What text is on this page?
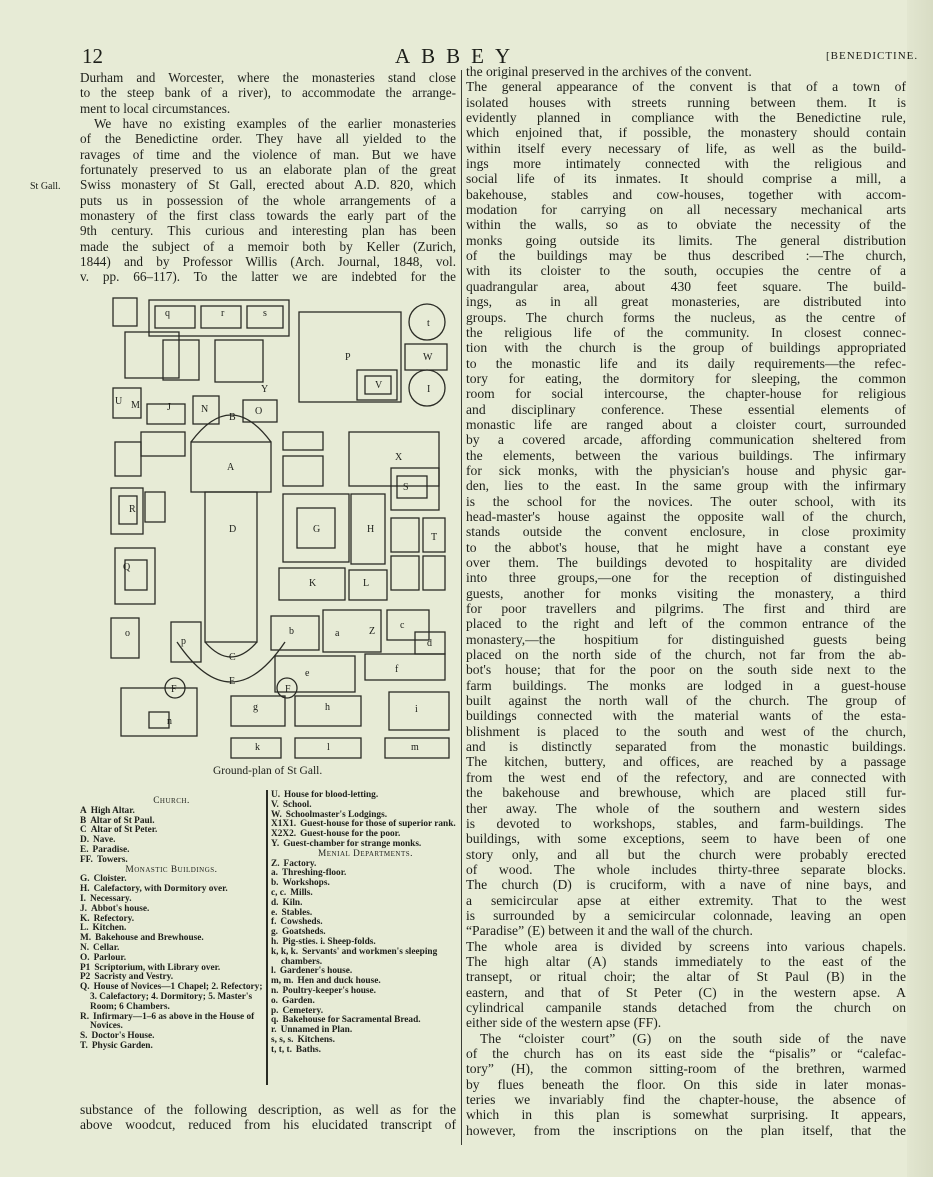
12	ABBEY	[BENEDICTINE.
St Gall.
Durham and Worcester, where the monasteries stand close
to the steep bank of a river), to accommodate the arrange-
ment to local circumstances.
We have no existing examples of the earlier monasteries
of the Benedictine order. They have all yielded to the
ravages of time and the violence of man. But we have
fortunately preserved to us an elaborate plan of the great
Swiss monastery of St Gall, erected about A.D. 820, which
puts us in possession of the whole arrangements of a
monastery of the first class towards the early part of the
9th century. This curious and interesting plan has been
made the subject of a memoir both by Keller (Zurich,
1844) and by Professor Willis (Arch. Journal, 1848, vol.
v. pp. 66–117). To the latter we are indebted for the
substance of the following description, as well as for the
above woodcut, reduced from his elucidated transcript of
the original preserved in the archives of the convent.
The general appearance of the convent is that of a town of
isolated houses with streets running between them. It is
evidently planned in compliance with the Benedictine rule,
which enjoined that, if possible, the monastery should contain
within itself every necessary of life, as well as the build-
ings more intimately connected with the religious and
social life of its inmates. It should comprise a mill, a
bakehouse, stables and cow-houses, together with accom-
modation for carrying on all necessary mechanical arts
within the walls, so as to obviate the necessity of the
monks going outside its limits. The general distribution
of the buildings may be thus described :—The church,
with its cloister to the south, occupies the centre of a
quadrangular area, about 430 feet square. The build-
ings, as in all great monasteries, are distributed into
groups. The church forms the nucleus, as the centre of
the religious life of the community. In closest connec-
tion with the church is the group of buildings appropriated
to the monastic life and its daily requirements—the refec-
tory for eating, the dormitory for sleeping, the common
room for social intercourse, the chapter-house for religious
and disciplinary conference. These essential elements of
monastic life are ranged about a cloister court, surrounded
by a covered arcade, affording communication sheltered from
the elements, between the various buildings. The infirmary
for sick monks, with the physician's house and physic gar-
den, lies to the east. In the same group with the infirmary
is the school for the novices. The outer school, with its
head-master's house against the opposite wall of the church,
stands outside the convent enclosure, in close proximity
to the abbot's house, that he might have a constant eye
over them. The buildings devoted to hospitality are divided
into three groups,—one for the reception of distinguished
guests, another for monks visiting the monastery, a third
for poor travellers and pilgrims. The first and third are
placed to the right and left of the common entrance of the
monastery,—the hospitium for distinguished guests being
placed on the north side of the church, not far from the ab-
bot's house; that for the poor on the south side next to the
farm buildings. The monks are lodged in a guest-house
built against the north wall of the church. The group of
buildings connected with the material wants of the esta-
blishment is placed to the south and west of the church,
and is distinctly separated from the monastic buildings.
The kitchen, buttery, and offices, are reached by a passage
from the west end of the refectory, and are connected with
the bakehouse and brewhouse, which are placed still fur-
ther away. The whole of the southern and western sides
is devoted to workshops, stables, and farm-buildings. The
buildings, with some exceptions, seem to have been of one
story only, and all but the church were probably erected
of wood. The whole includes thirty-three separate blocks.
The church (D) is cruciform, with a nave of nine bays, and
a semicircular apse at either extremity. That to the west
is surrounded by a semicircular colonnade, leaving an open
“Paradise” (E) between it and the wall of the church.
The whole area is divided by screens into various chapels.
The high altar (A) stands immediately to the east of the
transept, or ritual choir; the altar of St Paul (B) in the
eastern, and that of St Peter (C) in the western apse. A
cylindrical campanile stands detached from the church on
either side of the western apse (FF).
The “cloister court” (G) on the south side of the nave
of the church has on its east side the “pisalis” or “calefac-
tory” (H), the common sitting-room of the brethren, warmed
by flues beneath the floor. On this side in later monas-
teries we invariably find the chapter-house, the absence of
which in this plan is somewhat surprising. It appears,
however, from the inscriptions on the plan itself, that the
A
B
C
D
E
F	F
G	H
K	L
P
Q
R
S
T
U
V
W
X
Y
Z
a
b
c
d
e	f
g	h	i
k	l	m
n
o
p
q	r	s
t
I
J
M	N	O
Ground-plan of St Gall.
Church.
A High Altar.
B Altar of St Paul.
C Altar of St Peter.
D. Nave.
E. Paradise.
FF. Towers.
Monastic Buildings.
G. Cloister.
H. Calefactory, with Dormitory over.
I. Necessary.
J. Abbot's house.
K. Refectory.
L. Kitchen.
M. Bakehouse and Brewhouse.
N. Cellar.
O. Parlour.
P1 Scriptorium, with Library over.
P2 Sacristy and Vestry.
Q. House of Novices—1 Chapel; 2. Refectory; 3. Calefactory; 4. Dormitory; 5. Master's Room; 6 Chambers.
R. Infirmary—1–6 as above in the House of Novices.
S. Doctor's House.
T. Physic Garden.
U. House for blood-letting.
V. School.
W. Schoolmaster's Lodgings.
X1X1. Guest-house for those of superior rank.
X2X2. Guest-house for the poor.
Y. Guest-chamber for strange monks.
Menial Departments.
Z. Factory.
a. Threshing-floor.
b. Workshops.
c, c. Mills.
d. Kiln.
e. Stables.
f. Cowsheds.
g. Goatsheds.
h. Pig-sties. i. Sheep-folds.
k, k, k. Servants' and workmen's sleeping chambers.
l. Gardener's house.
m, m. Hen and duck house.
n. Poultry-keeper's house.
o. Garden.
p. Cemetery.
q. Bakehouse for Sacramental Bread.
r. Unnamed in Plan.
s, s, s. Kitchens.
t, t, t. Baths.
